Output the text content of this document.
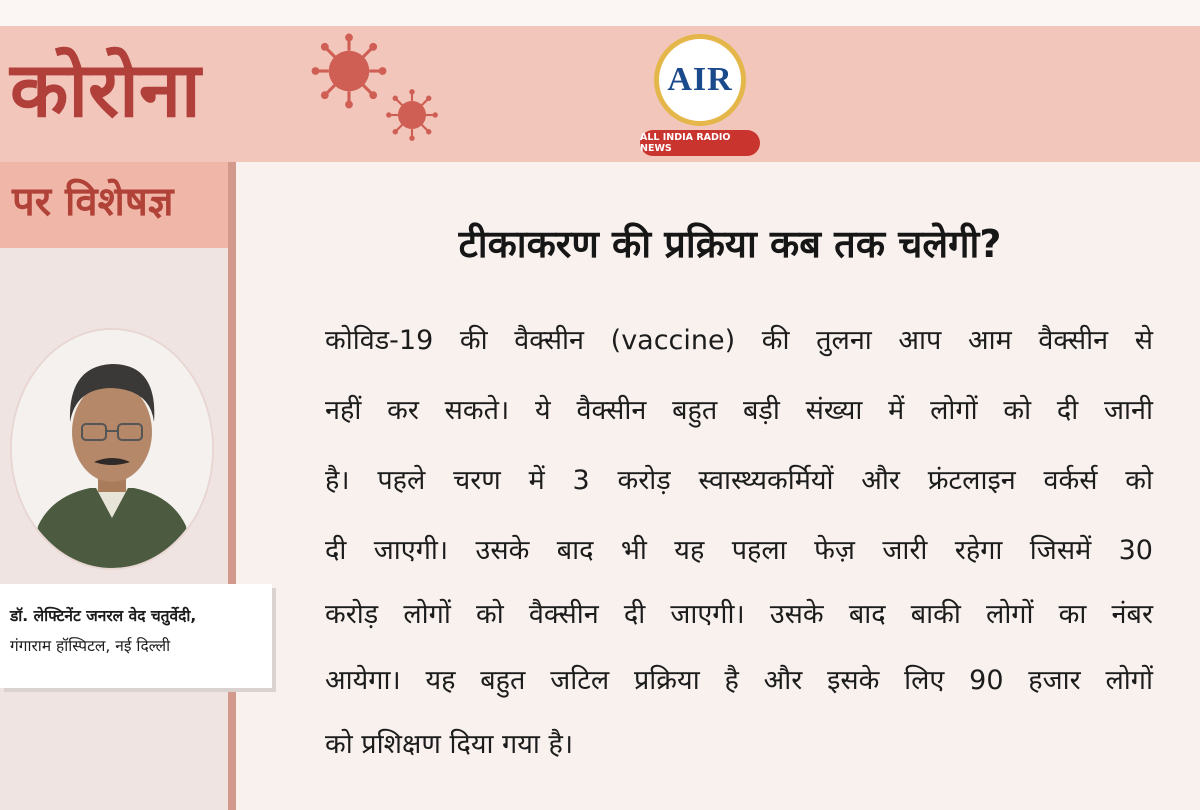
कोरोना	AIR
ALL INDIA RADIO NEWS
पर विशेषज्ञ

डॉ. लेफ्टिनेंट जनरल वेद चतुर्वेदी,

गंगाराम हॉस्पिटल, नई दिल्ली

टीकाकरण की प्रक्रिया कब तक चलेगी?

कोविड-19 की वैक्सीन (vaccine) की तुलना आप आम वैक्सीन से

नहीं कर सकते। ये वैक्सीन बहुत बड़ी संख्या में लोगों को दी जानी

है। पहले चरण में 3 करोड़ स्वास्थ्यकर्मियों और फ्रंटलाइन वर्कर्स को

दी जाएगी। उसके बाद भी यह पहला फेज़ जारी रहेगा जिसमें 30

करोड़ लोगों को वैक्सीन दी जाएगी। उसके बाद बाकी लोगों का नंबर

आयेगा। यह बहुत जटिल प्रक्रिया है और इसके लिए 90 हजार लोगों

को प्रशिक्षण दिया गया है।
